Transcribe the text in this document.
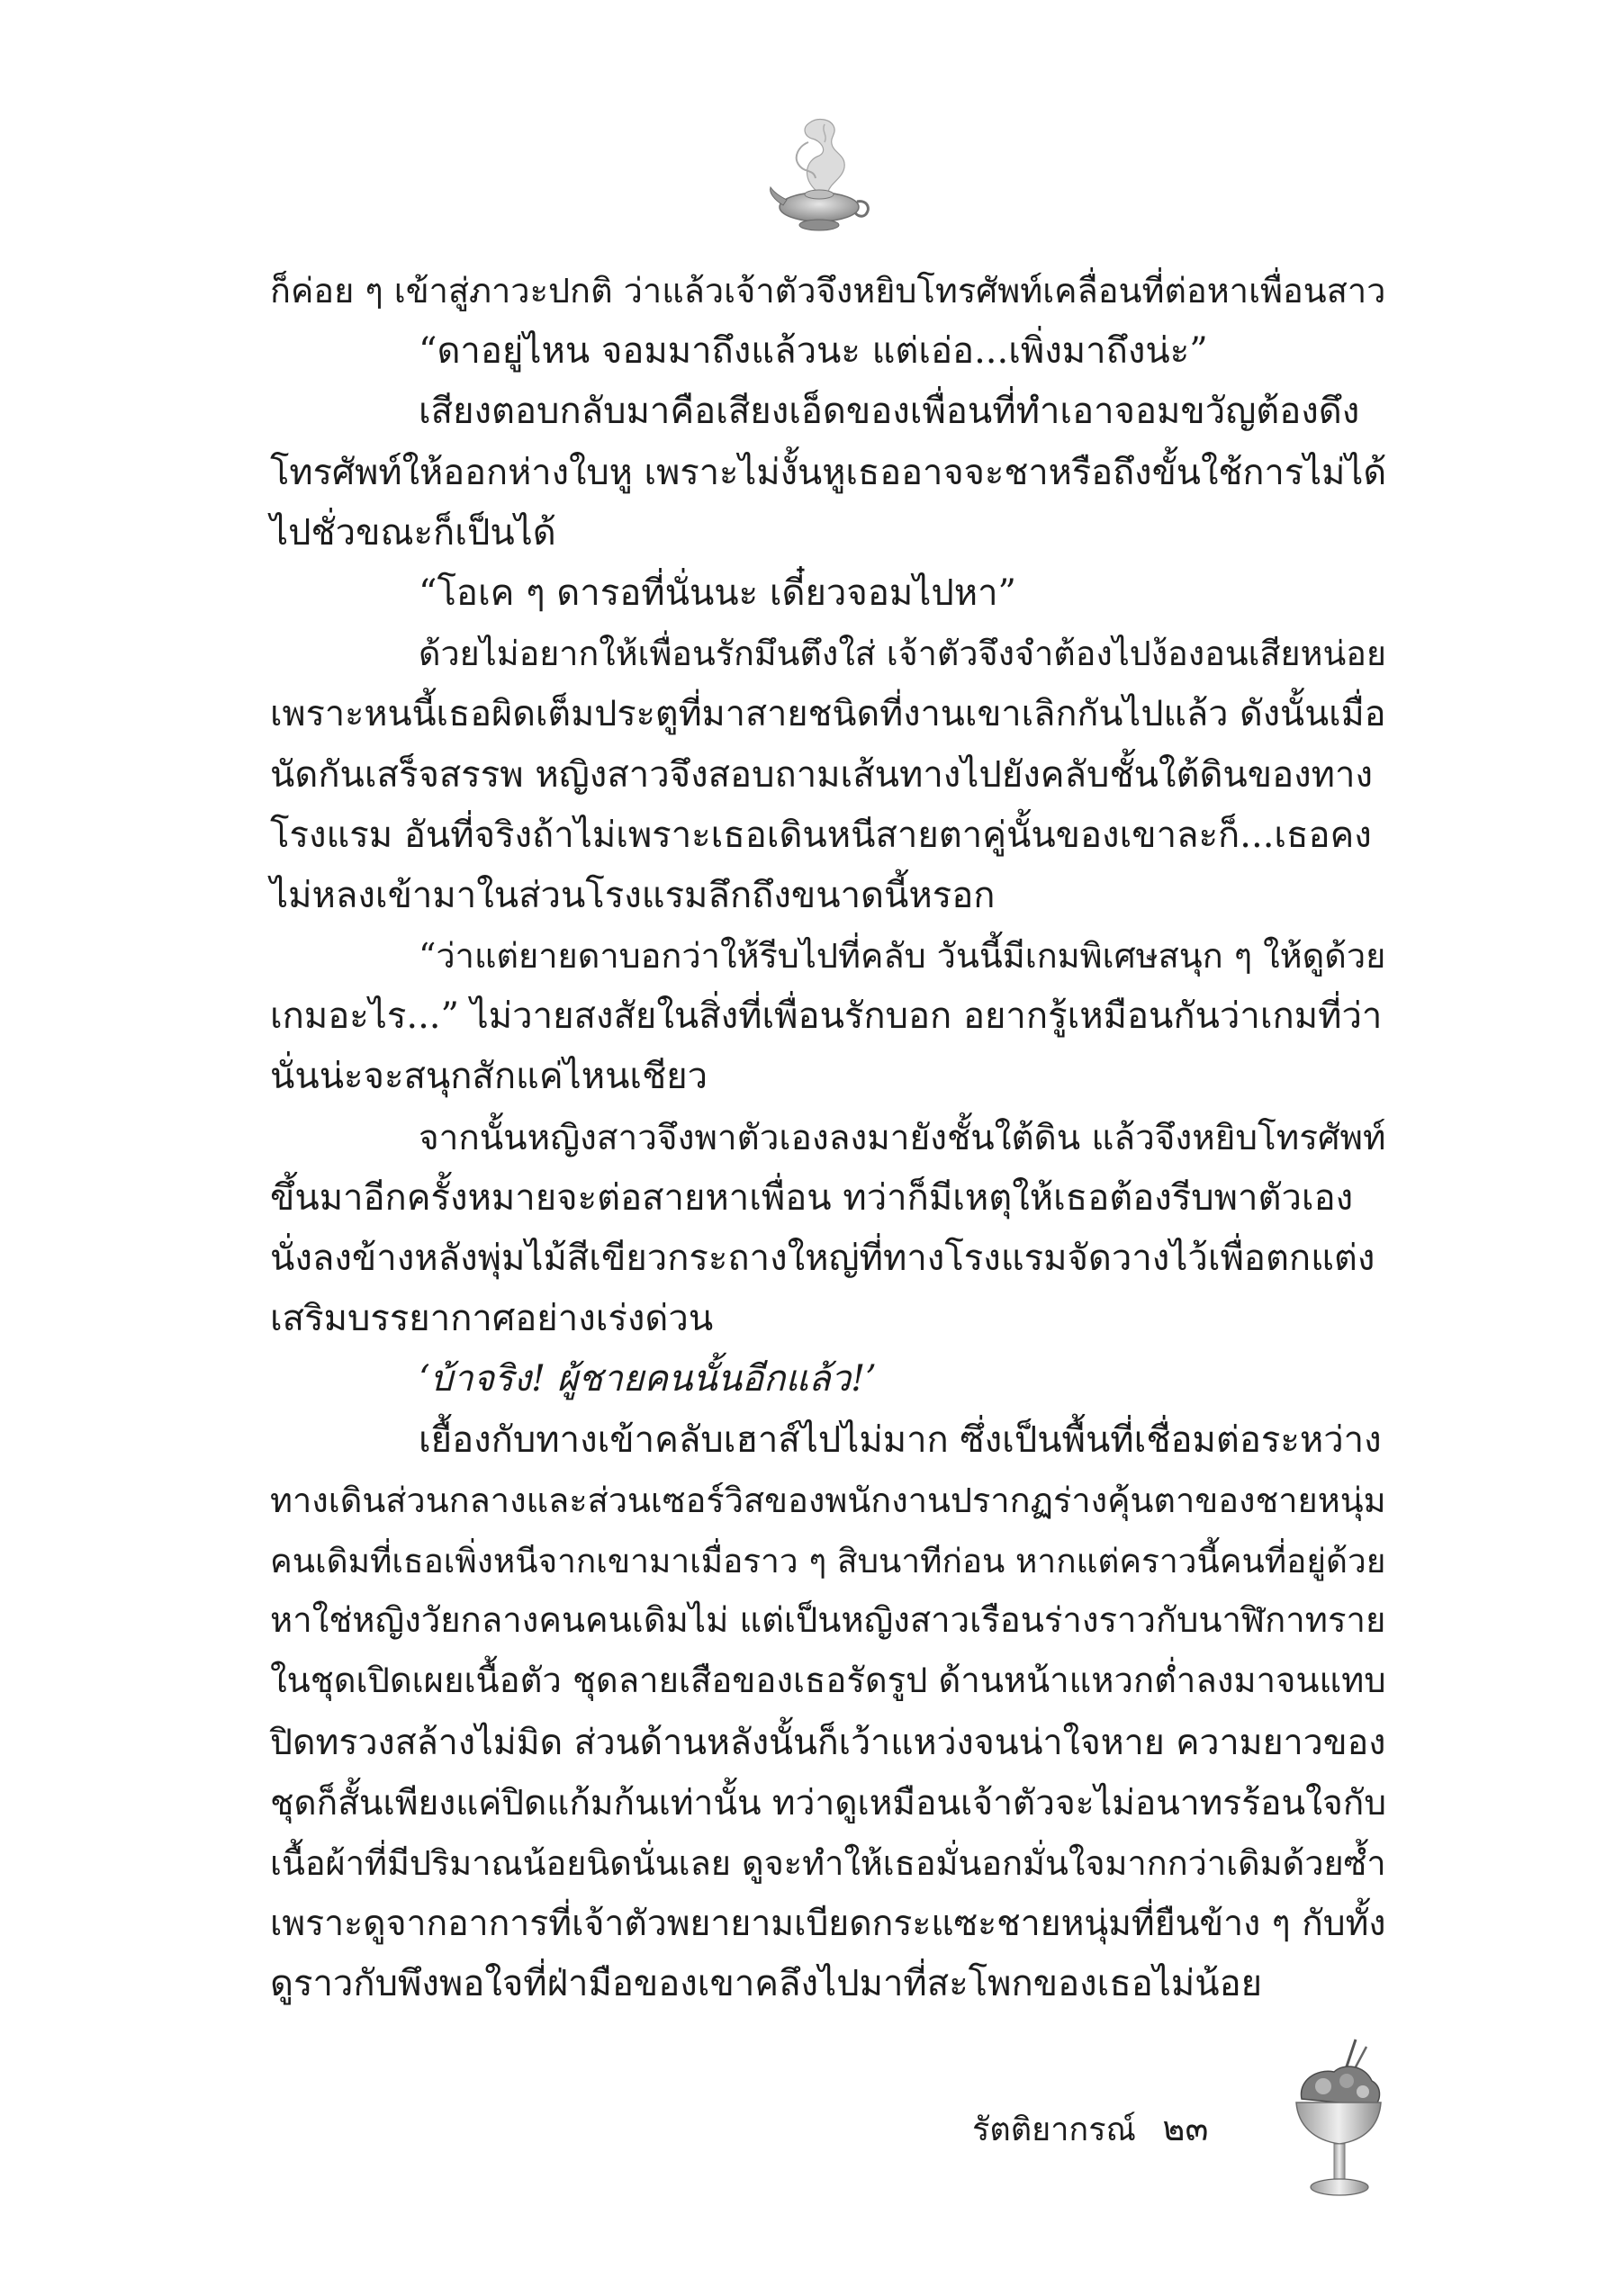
ก็ค่อย ๆ เข้าสู่ภาวะปกติ ว่าแล้วเจ้าตัวจึงหยิบโทรศัพท์เคลื่อนที่ต่อหาเพื่อนสาว
“ดาอยู่ไหน จอมมาถึงแล้วนะ แต่เอ่อ...เพิ่งมาถึงน่ะ”
เสียงตอบกลับมาคือเสียงเอ็ดของเพื่อนที่ทำเอาจอมขวัญต้องดึง
โทรศัพท์ให้ออกห่างใบหู เพราะไม่งั้นหูเธออาจจะชาหรือถึงขั้นใช้การไม่ได้
ไปชั่วขณะก็เป็นได้
“โอเค ๆ ดารอที่นั่นนะ เดี๋ยวจอมไปหา”
ด้วยไม่อยากให้เพื่อนรักมึนตึงใส่ เจ้าตัวจึงจำต้องไปง้องอนเสียหน่อย
เพราะหนนี้เธอผิดเต็มประตูที่มาสายชนิดที่งานเขาเลิกกันไปแล้ว ดังนั้นเมื่อ
นัดกันเสร็จสรรพ หญิงสาวจึงสอบถามเส้นทางไปยังคลับชั้นใต้ดินของทาง
โรงแรม อันที่จริงถ้าไม่เพราะเธอเดินหนีสายตาคู่นั้นของเขาละก็...เธอคง
ไม่หลงเข้ามาในส่วนโรงแรมลึกถึงขนาดนี้หรอก
“ว่าแต่ยายดาบอกว่าให้รีบไปที่คลับ วันนี้มีเกมพิเศษสนุก ๆ ให้ดูด้วย
เกมอะไร...” ไม่วายสงสัยในสิ่งที่เพื่อนรักบอก อยากรู้เหมือนกันว่าเกมที่ว่า
นั่นน่ะจะสนุกสักแค่ไหนเชียว
จากนั้นหญิงสาวจึงพาตัวเองลงมายังชั้นใต้ดิน แล้วจึงหยิบโทรศัพท์
ขึ้นมาอีกครั้งหมายจะต่อสายหาเพื่อน ทว่าก็มีเหตุให้เธอต้องรีบพาตัวเอง
นั่งลงข้างหลังพุ่มไม้สีเขียวกระถางใหญ่ที่ทางโรงแรมจัดวางไว้เพื่อตกแต่ง
เสริมบรรยากาศอย่างเร่งด่วน
‘บ้าจริง! ผู้ชายคนนั้นอีกแล้ว!’
เยื้องกับทางเข้าคลับเฮาส์ไปไม่มาก ซึ่งเป็นพื้นที่เชื่อมต่อระหว่าง
ทางเดินส่วนกลางและส่วนเซอร์วิสของพนักงานปรากฏร่างคุ้นตาของชายหนุ่ม
คนเดิมที่เธอเพิ่งหนีจากเขามาเมื่อราว ๆ สิบนาทีก่อน หากแต่คราวนี้คนที่อยู่ด้วย
หาใช่หญิงวัยกลางคนคนเดิมไม่ แต่เป็นหญิงสาวเรือนร่างราวกับนาฬิกาทราย
ในชุดเปิดเผยเนื้อตัว ชุดลายเสือของเธอรัดรูป ด้านหน้าแหวกต่ำลงมาจนแทบ
ปิดทรวงสล้างไม่มิด ส่วนด้านหลังนั้นก็เว้าแหว่งจนน่าใจหาย ความยาวของ
ชุดก็สั้นเพียงแค่ปิดแก้มก้นเท่านั้น ทว่าดูเหมือนเจ้าตัวจะไม่อนาทรร้อนใจกับ
เนื้อผ้าที่มีปริมาณน้อยนิดนั่นเลย ดูจะทำให้เธอมั่นอกมั่นใจมากกว่าเดิมด้วยซ้ำ
เพราะดูจากอาการที่เจ้าตัวพยายามเบียดกระแซะชายหนุ่มที่ยืนข้าง ๆ กับทั้ง
ดูราวกับพึงพอใจที่ฝ่ามือของเขาคลึงไปมาที่สะโพกของเธอไม่น้อย
รัตติยากรณ์ ๒๓
